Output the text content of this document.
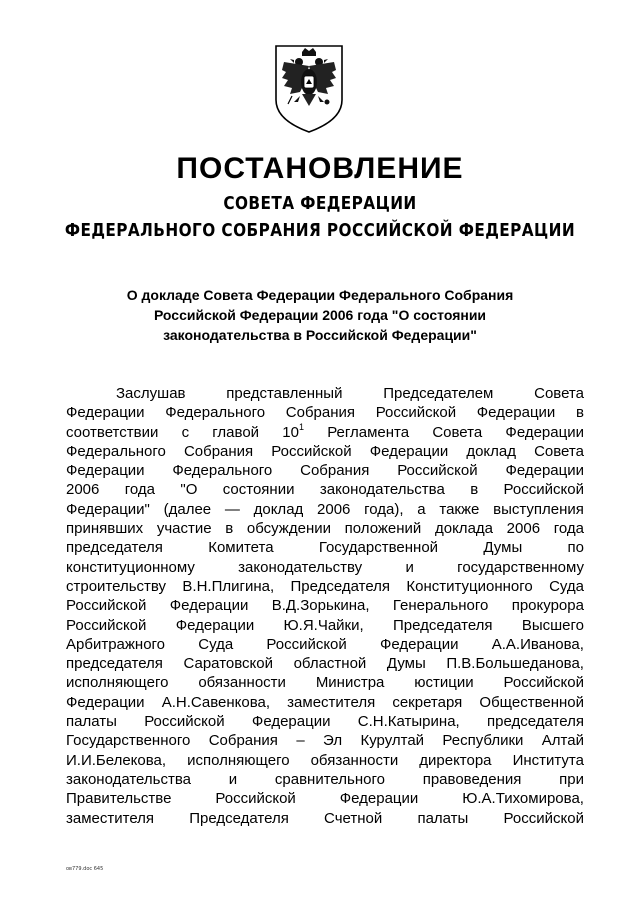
ПОСТАНОВЛЕНИЕ
СОВЕТА ФЕДЕРАЦИИ
ФЕДЕРАЛЬНОГО СОБРАНИЯ РОССИЙСКОЙ ФЕДЕРАЦИИ
О докладе Совета Федерации Федерального Собрания
Российской Федерации 2006 года "О состоянии
законодательства в Российской Федерации"
Заслушав	представленный	Председателем	Совета
Федерации Федерального Собрания Российской Федерации в
соответствии с главой $10^1$ Регламента Совета Федерации
Федерального Собрания Российской Федерации доклад Совета
Федерации Федерального Собрания Российской Федерации
2006 года "О состоянии законодательства в Российской
Федерации" (далее — доклад 2006 года), а также выступления
принявших участие в обсуждении положений доклада 2006 года
председателя	Комитета	Государственной	Думы	по
конституционному	законодательству	и	государственному
строительству В.Н.Плигина, Председателя Конституционного Суда
Российской Федерации В.Д.Зорькина, Генерального прокурора
Российской Федерации Ю.Я.Чайки, Председателя Высшего
Арбитражного Суда Российской Федерации А.А.Иванова,
председателя Саратовской областной Думы П.В.Большеданова,
исполняющего обязанности Министра юстиции Российской
Федерации А.Н.Савенкова, заместителя секретаря Общественной
палаты Российской Федерации С.Н.Катырина, председателя
Государственного Собрания – Эл Курултай Республики Алтай
И.И.Белекова, исполняющего обязанности директора Института
законодательства	и	сравнительного	правоведения	при
Правительстве	Российской	Федерации	Ю.А.Тихомирова,
заместителя Председателя Счетной палаты Российской
ов779.doc 645
